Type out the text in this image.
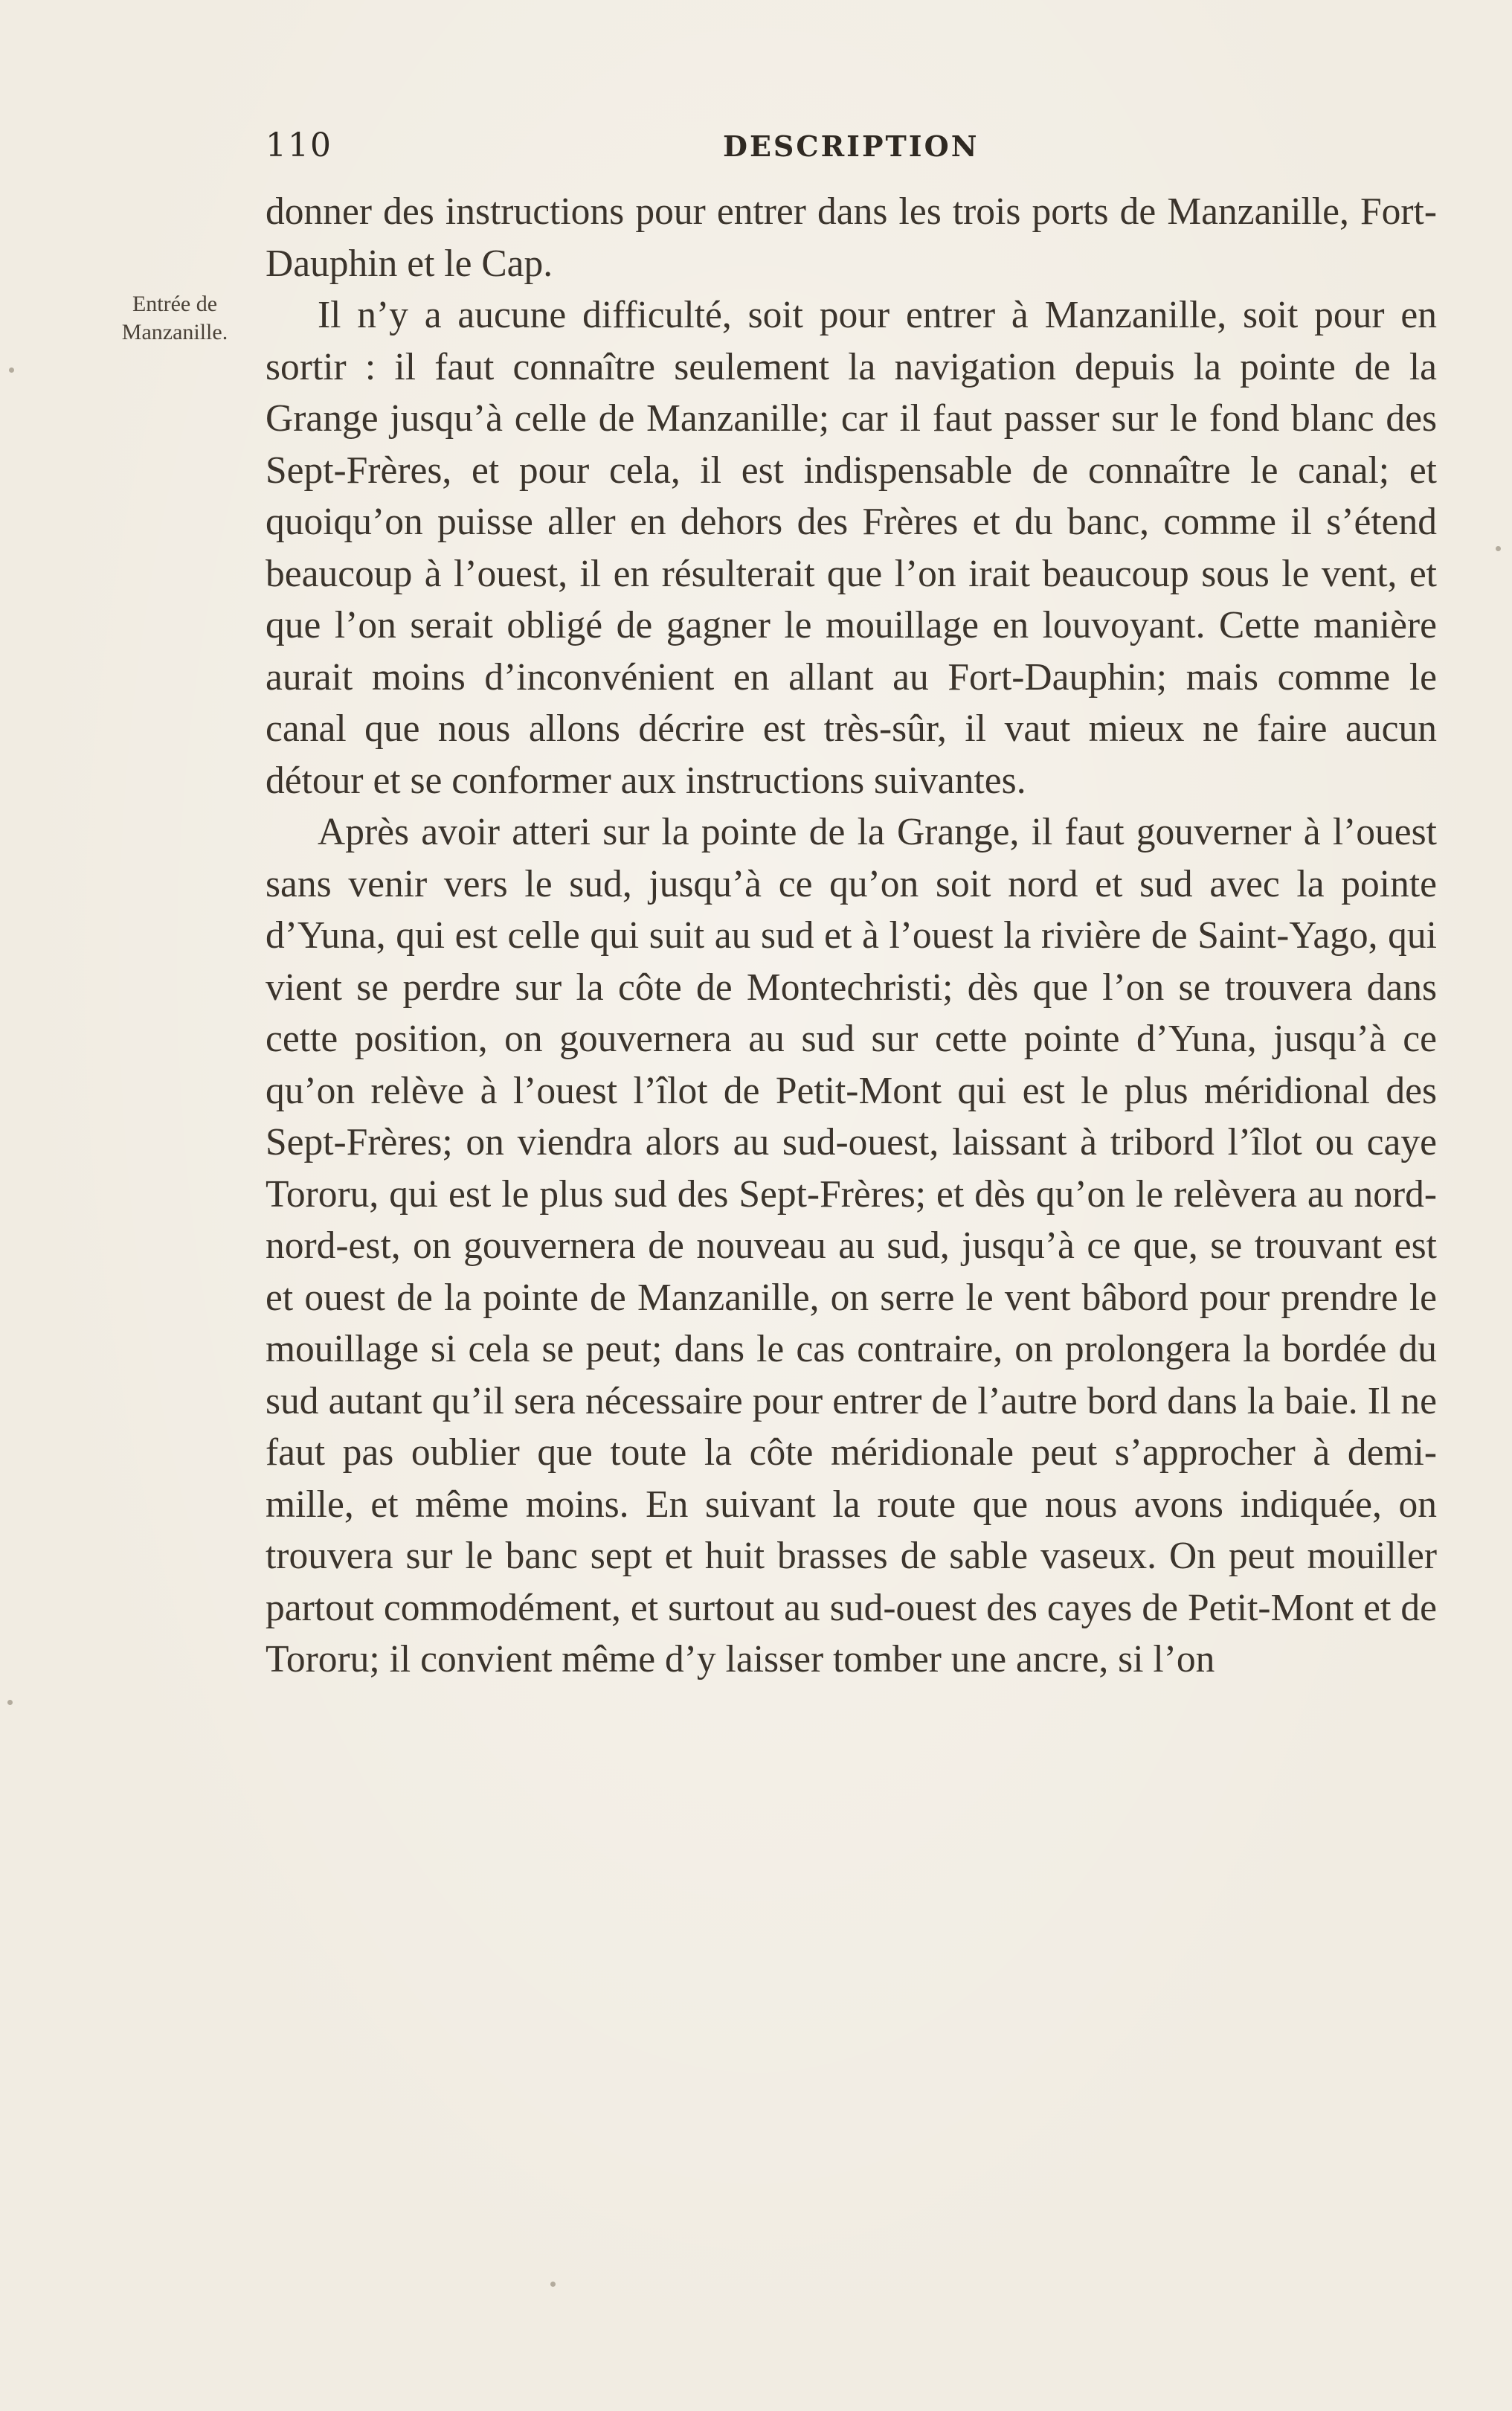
110	DESCRIPTION
Entrée de
Manzanille.

donner des instructions pour entrer dans les trois ports de Manzanille, Fort-Dauphin et le Cap.

Il n’y a aucune difficulté, soit pour entrer à Manzanille, soit pour en sortir : il faut connaître seulement la navigation depuis la pointe de la Grange jusqu’à celle de Manzanille; car il faut passer sur le fond blanc des Sept-Frères, et pour cela, il est indispensable de connaître le canal; et quoiqu’on puisse aller en dehors des Frères et du banc, comme il s’étend beaucoup à l’ouest, il en résulterait que l’on irait beaucoup sous le vent, et que l’on serait obligé de gagner le mouillage en louvoyant. Cette manière aurait moins d’inconvénient en allant au Fort-Dauphin; mais comme le canal que nous allons décrire est très-sûr, il vaut mieux ne faire aucun détour et se conformer aux instructions suivantes.

Après avoir atteri sur la pointe de la Grange, il faut gouverner à l’ouest sans venir vers le sud, jusqu’à ce qu’on soit nord et sud avec la pointe d’Yuna, qui est celle qui suit au sud et à l’ouest la rivière de Saint-Yago, qui vient se perdre sur la côte de Montechristi; dès que l’on se trouvera dans cette position, on gouvernera au sud sur cette pointe d’Yuna, jusqu’à ce qu’on relève à l’ouest l’îlot de Petit-Mont qui est le plus méridional des Sept-Frères; on viendra alors au sud-ouest, laissant à tribord l’îlot ou caye Tororu, qui est le plus sud des Sept-Frères; et dès qu’on le relèvera au nord-nord-est, on gouvernera de nouveau au sud, jusqu’à ce que, se trouvant est et ouest de la pointe de Manzanille, on serre le vent bâbord pour prendre le mouillage si cela se peut; dans le cas contraire, on prolongera la bordée du sud autant qu’il sera nécessaire pour entrer de l’autre bord dans la baie. Il ne faut pas oublier que toute la côte méridionale peut s’approcher à demi-mille, et même moins. En suivant la route que nous avons indiquée, on trouvera sur le banc sept et huit brasses de sable vaseux. On peut mouiller partout commodément, et surtout au sud-ouest des cayes de Petit-Mont et de Tororu; il convient même d’y laisser tomber une ancre, si l’on
